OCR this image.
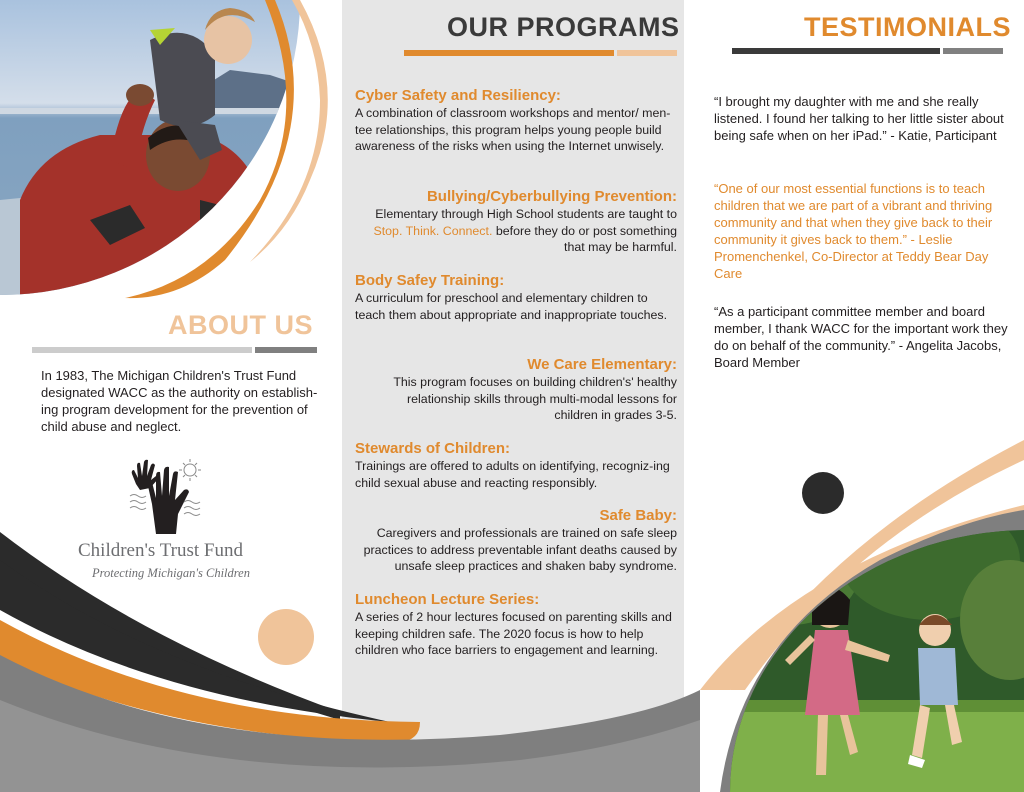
ABOUT US

In 1983, The Michigan Children's Trust Fund designated WACC as the authority on establish-ing program development for the prevention of child abuse and neglect.

Children's Trust Fund
Protecting Michigan's Children
OUR PROGRAMS
Cyber Safety and Resiliency:

A combination of classroom workshops and mentor/ men-tee relationships, this program helps young people build awareness of the risks when using the Internet unwisely.

Bullying/Cyberbullying Prevention:

Elementary through High School students are taught to Stop. Think. Connect. before they do or post something that may be harmful.

Body Safey Training:

A curriculum for preschool and elementary children to teach them about appropriate and inappropriate touches.

We Care Elementary:

This program focuses on building children's' healthy relationship skills through multi-modal lessons for children in grades 3-5.

Stewards of Children:

Trainings are offered to adults on identifying, recogniz-ing child sexual abuse and reacting responsibly.

Safe Baby:

Caregivers and professionals are trained on safe sleep practices to address preventable infant deaths caused by unsafe sleep practices and shaken baby syndrome.

Luncheon Lecture Series:

A series of 2 hour lectures focused on parenting skills and keeping children safe. The 2020 focus is how to help children who face barriers to engagement and learning.

TESTIMONIALS

“I brought my daughter with me and she really listened. I found her talking to her little sister about being safe when on her iPad.” - Katie, Participant

“One of our most essential functions is to teach children that we are part of a vibrant and thriving community and that when they give back to their community it gives back to them.” - Leslie Promenchenkel, Co-Director at Teddy Bear Day Care

“As a participant committee member and board member, I thank WACC for the important work they do on behalf of the community.” - Angelita Jacobs, Board Member
